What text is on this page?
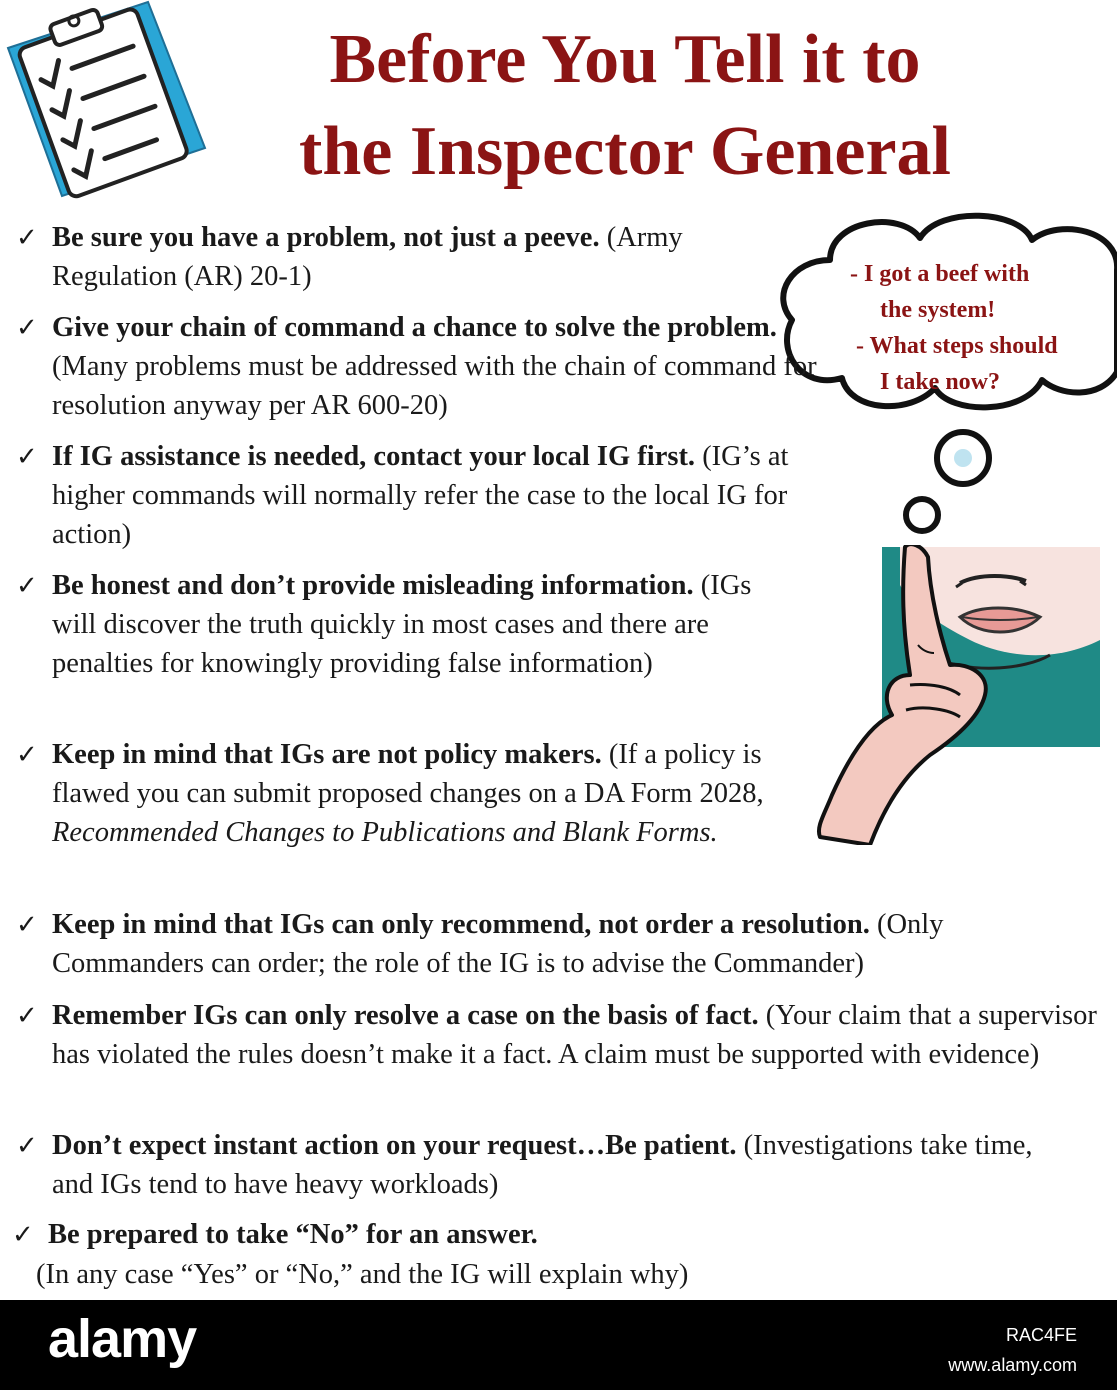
Before You Tell it to
the Inspector General
- I got a beef with
the system!
- What steps should
I take now?
✓ Be sure you have a problem, not just a peeve. (Army Regulation (AR) 20-1)
✓ Give your chain of command a chance to solve the problem. (Many problems must be addressed with the chain of command for resolution anyway per AR 600-20)
✓ If IG assistance is needed, contact your local IG first. (IG’s at higher commands will normally refer the case to the local IG for action)
✓ Be honest and don’t provide misleading information. (IGs will discover the truth quickly in most cases and there are penalties for knowingly providing false information)
✓ Keep in mind that IGs are not policy makers. (If a policy is flawed you can submit proposed changes on a DA Form 2028, Recommended Changes to Publications and Blank Forms.
✓ Keep in mind that IGs can only recommend, not order a resolution. (Only Commanders can order; the role of the IG is to advise the Commander)
✓ Remember IGs can only resolve a case on the basis of fact. (Your claim that a supervisor has violated the rules doesn’t make it a fact. A claim must be supported with evidence)
✓ Don’t expect instant action on your request…Be patient. (Investigations take time, and IGs tend to have heavy workloads)
✓ Be prepared to take “No” for an answer.
(In any case “Yes” or “No,” and the IG will explain why)
alamy	RAC4FE
www.alamy.com
